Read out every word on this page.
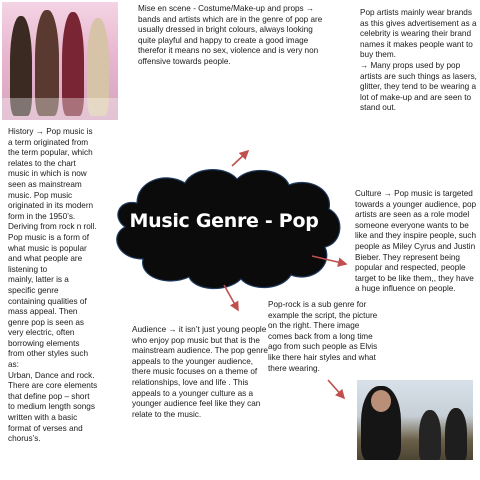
Music Genre - Pop

History → Pop music is a term originated from the term popular, which relates to the chart music in which is now seen as mainstream music. Pop music originated in its modern form in the 1950’s. Deriving from rock n roll. Pop music is a form of what music is popular and what people are listening to
mainly, latter is a specific genre containing qualities of mass appeal. Then genre pop is seen as very electric, often borrowing elements from other styles such as:
Urban, Dance and rock. There are core elements that define pop – short to medium length songs written with a basic format of verses and chorus’s.

Mise en scene - Costume/Make-up and props → bands and artists which are in the genre of pop are usually dressed in bright colours, always looking quite playful and happy to create a good image therefor it means no sex, violence and is very non offensive towards people.

Pop artists mainly wear brands as this gives advertisement as a celebrity is wearing their brand names it makes people want to buy them.
→ Many props used by pop artists are such things as lasers, glitter, they tend to be wearing a lot of make-up and are seen to stand out.

Culture → Pop music is targeted towards a younger audience, pop artists are seen as a role model someone everyone wants to be like and they inspire people, such people as Miley Cyrus and Justin Bieber. They represent being popular and respected, people target to be like them,, they have a huge influence on people.

Audience → it isn’t just young people who enjoy pop music but that is the mainstream audience. The pop genre appeals to the younger audience, there music focuses on a theme of relationships, love and life . This appeals to a younger culture as a younger audience feel like they can relate to the music.

Pop-rock is a sub genre for example the script, the picture on the right. There image comes back from a long time ago from such people as Elvis like there hair styles and what there wearing.
